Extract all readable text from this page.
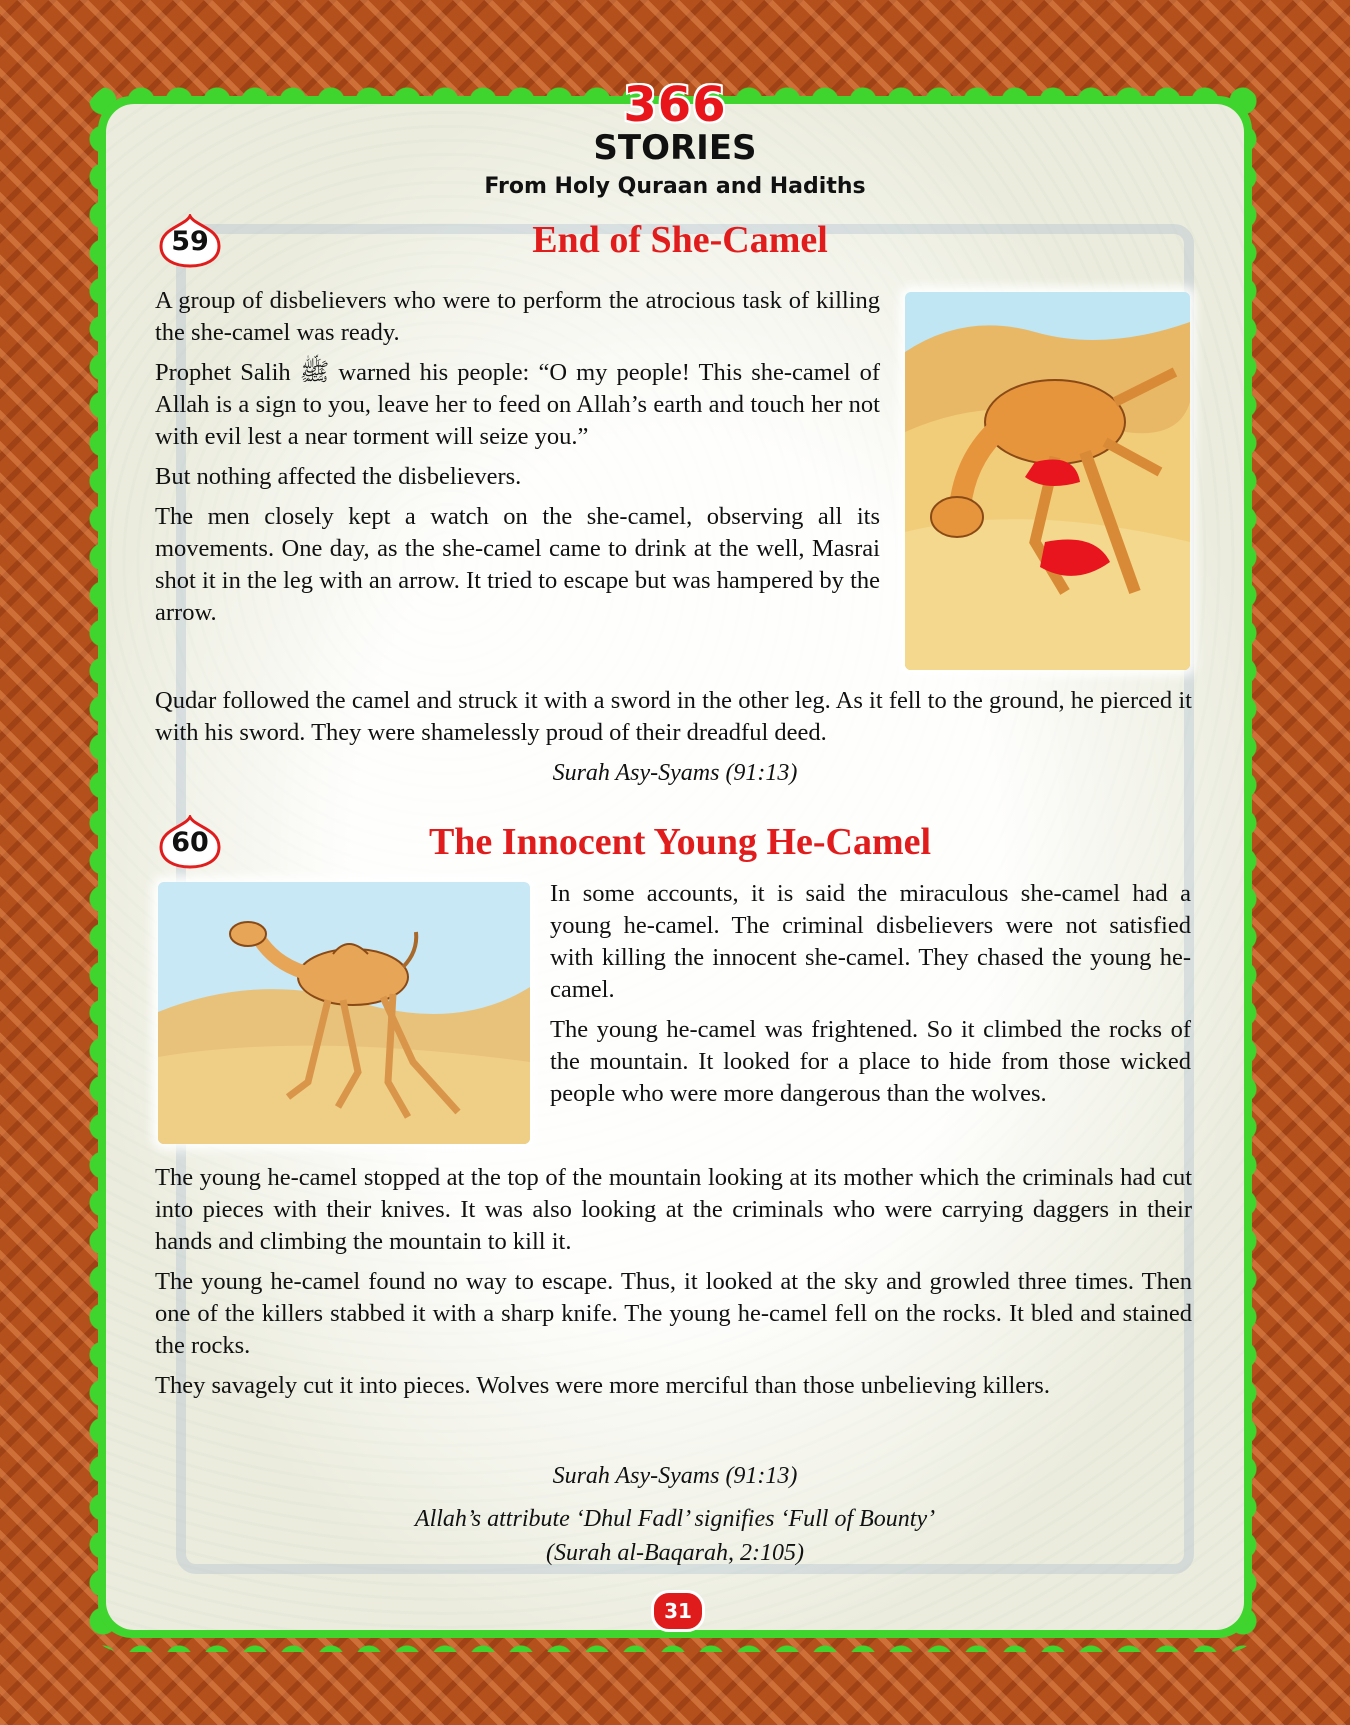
366
STORIES
From Holy Quraan and Hadiths
59	End of She-Camel

A group of disbelievers who were to perform the atrocious task of killing the she-camel was ready.

Prophet Salih ﷺ warned his people: “O my people! This she-camel of Allah is a sign to you, leave her to feed on Allah’s earth and touch her not with evil lest a near torment will seize you.”

But nothing affected the disbelievers.

The men closely kept a watch on the she-camel, observing all its movements. One day, as the she-camel came to drink at the well, Masrai shot it in the leg with an arrow. It tried to escape but was hampered by the arrow.

Qudar followed the camel and struck it with a sword in the other leg. As it fell to the ground, he pierced it with his sword. They were shamelessly proud of their dreadful deed.

Surah Asy-Syams (91:13)
60	The Innocent Young He-Camel

In some accounts, it is said the miraculous she-camel had a young he-camel. The criminal disbelievers were not satisfied with killing the innocent she-camel. They chased the young he-camel.

The young he-camel was frightened. So it climbed the rocks of the mountain. It looked for a place to hide from those wicked people who were more dangerous than the wolves.

The young he-camel stopped at the top of the mountain looking at its mother which the criminals had cut into pieces with their knives. It was also looking at the criminals who were carrying daggers in their hands and climbing the mountain to kill it.

The young he-camel found no way to escape. Thus, it looked at the sky and growled three times. Then one of the killers stabbed it with a sharp knife. The young he-camel fell on the rocks. It bled and stained the rocks.

They savagely cut it into pieces. Wolves were more merciful than those unbelieving killers.

Surah Asy-Syams (91:13)
Allah’s attribute ‘Dhul Fadl’ signifies ‘Full of Bounty’
(Surah al-Baqarah, 2:105)
31
